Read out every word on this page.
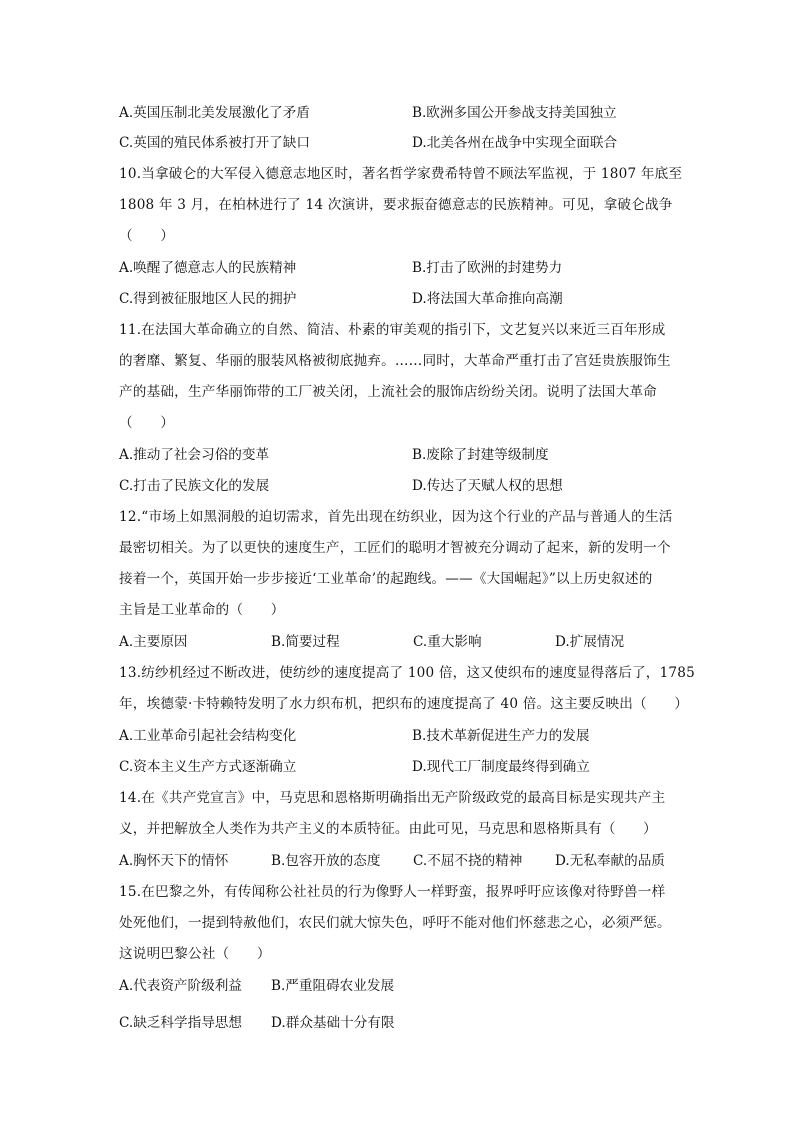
A.英国压制北美发展激化了矛盾	B.欧洲多国公开参战支持美国独立
C.英国的殖民体系被打开了缺口	D.北美各州在战争中实现全面联合
10.当拿破仑的大军侵入德意志地区时，著名哲学家费希特曾不顾法军监视，于 1807 年底至
1808 年 3 月，在柏林进行了 14 次演讲，要求振奋德意志的民族精神。可见，拿破仑战争
（　　）
A.唤醒了德意志人的民族精神	B.打击了欧洲的封建势力
C.得到被征服地区人民的拥护	D.将法国大革命推向高潮
11.在法国大革命确立的自然、简洁、朴素的审美观的指引下，文艺复兴以来近三百年形成
的奢靡、繁复、华丽的服装风格被彻底抛弃。……同时，大革命严重打击了宫廷贵族服饰生
产的基础，生产华丽饰带的工厂被关闭，上流社会的服饰店纷纷关闭。说明了法国大革命
（　　）
A.推动了社会习俗的变革	B.废除了封建等级制度
C.打击了民族文化的发展	D.传达了天赋人权的思想
12.“市场上如黑洞般的迫切需求，首先出现在纺织业，因为这个行业的产品与普通人的生活
最密切相关。为了以更快的速度生产，工匠们的聪明才智被充分调动了起来，新的发明一个
接着一个，英国开始一步步接近‘工业革命’的起跑线。——《大国崛起》”以上历史叙述的
主旨是工业革命的（　　）
A.主要原因	B.简要过程	C.重大影响	D.扩展情况
13.纺纱机经过不断改进，使纺纱的速度提高了 100 倍，这又使织布的速度显得落后了，1785
年，埃德蒙·卡特赖特发明了水力织布机，把织布的速度提高了 40 倍。这主要反映出（　　）
A.工业革命引起社会结构变化	B.技术革新促进生产力的发展
C.资本主义生产方式逐渐确立	D.现代工厂制度最终得到确立
14.在《共产党宣言》中，马克思和恩格斯明确指出无产阶级政党的最高目标是实现共产主
义，并把解放全人类作为共产主义的本质特征。由此可见，马克思和恩格斯具有（　　）
A.胸怀天下的情怀	B.包容开放的态度 C.不屈不挠的精神 D.无私奉献的品质
15.在巴黎之外，有传闻称公社社员的行为像野人一样野蛮，报界呼吁应该像对待野兽一样
处死他们，一提到特赦他们，农民们就大惊失色，呼吁不能对他们怀慈悲之心，必须严惩。
这说明巴黎公社（　　）
A.代表资产阶级利益 B.严重阻碍农业发展
C.缺乏科学指导思想 D.群众基础十分有限
